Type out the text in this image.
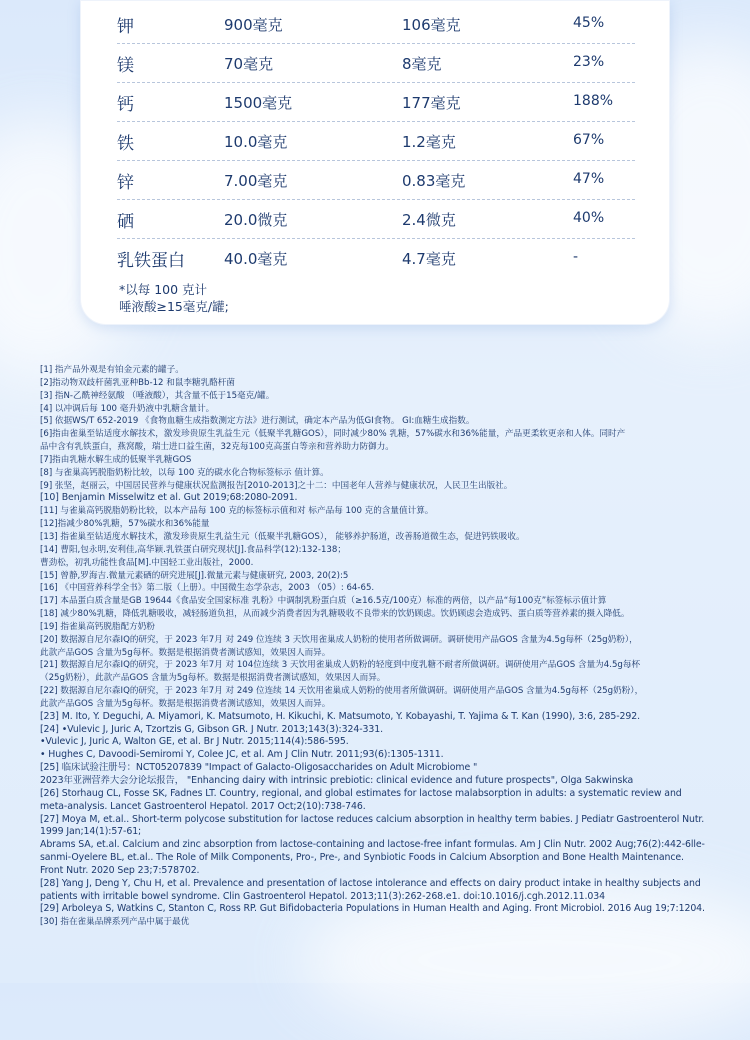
钾	900毫克	106毫克	45%
镁	70毫克	8毫克	23%
钙	1500毫克	177毫克	188%
铁	10.0毫克	1.2毫克	67%
锌	7.00毫克	0.83毫克	47%
硒	20.0微克	2.4微克	40%
乳铁蛋白	40.0毫克	4.7毫克	-
*以每 100 克计
唾液酸≥15毫克/罐;
[1] 指产品外观是有铂金元素的罐子。
[2]指动物双歧杆菌乳亚种Bb-12 和鼠李糖乳酪杆菌
[3] 指N-乙酰神经氨酸 （唾液酸），其含量不低于15毫克/罐。
[4] 以冲调后每 100 毫升奶液中乳糖含量计。
[5] 依据WS/T 652-2019 《食物血糖生成指数测定方法》进行测试，确定本产品为低GI食物。 GI:血糖生成指数。
[6]指由雀巢至钻适度水解技术，激发珍贵原生乳益生元（低聚半乳糖GOS），同时减少80% 乳糖，57%碳水和36%能量，产品更柔软更亲和人体。同时产
品中含有乳铁蛋白，燕窝酸，瑞士进口益生菌，32克每100克高蛋白等亲和营养助力防御力。
[7]指由乳糖水解生成的低聚半乳糖GOS
[8] 与雀巢高钙脱脂奶粉比较，以每 100 克的碳水化合物标签标示 值计算。
[9] 张坚，赵丽云，中国居民营养与健康状况监测报告[2010-2013]之十二：中国老年人营养与健康状况，人民卫生出版社。
[10] Benjamin Misselwitz et al. Gut 2019;68:2080-2091.
[11] 与雀巢高钙脱脂奶粉比较，以本产品每 100 克的标签标示值和对 标产品每 100 克的含量值计算。
[12]指减少80%乳糖，57%碳水和36%能量
[13] 指雀巢至钻适度水解技术，激发珍贵原生乳益生元（低聚半乳糖GOS）， 能够养护肠道，改善肠道微生态，促进钙铁吸收。
[14] 曹阳,包永明,安利佳,高华颖.乳铁蛋白研究现状[J].食品科学(12):132-138；
曹劲松，初乳功能性食品[M].中国轻工业出版社，2000.
[15] 曾静,罗海吉.微量元素硒的研究进展[J].微量元素与健康研究, 2003, 20(2):5
[16] 《中国营养科学全书》第二版（上册）。中国微生态学杂志，2003 （05）: 64-65.
[17] 本品蛋白质含量是GB 19644《食品安全国家标准 乳粉》中调制乳粉蛋白质（≥16.5克/100克）标准的两倍，以产品“每100克”标签标示值计算
[18] 减少80%乳糖，降低乳糖吸收，减轻肠道负担，从而减少消费者因为乳糖吸收不良带来的饮奶顾虑。饮奶顾虑会造成钙、蛋白质等营养素的摄入降低。
[19] 指雀巢高钙脱脂配方奶粉
[20] 数据源自尼尔森IQ的研究，于 2023 年7月 对 249 位连续 3 天饮用雀巢成人奶粉的使用者所做调研。调研使用产品GOS 含量为4.5g每杯（25g奶粉），
此款产品GOS 含量为5g每杯。数据是根据消费者测试感知，效果因人而异。
[21] 数据源自尼尔森IQ的研究，于 2023 年7月 对 104位连续 3 天饮用雀巢成人奶粉的轻度到中度乳糖不耐者所做调研。调研使用产品GOS 含量为4.5g每杯
（25g奶粉），此款产品GOS 含量为5g每杯。数据是根据消费者测试感知，效果因人而异。
[22] 数据源自尼尔森IQ的研究，于 2023 年7月 对 249 位连续 14 天饮用雀巢成人奶粉的使用者所做调研。调研使用产品GOS 含量为4.5g每杯（25g奶粉），
此款产品GOS 含量为5g每杯。数据是根据消费者测试感知，效果因人而异。
[23] M. Ito, Y. Deguchi, A. Miyamori, K. Matsumoto, H. Kikuchi, K. Matsumoto, Y. Kobayashi, T. Yajima & T. Kan (1990), 3:6, 285-292.
[24] •Vulevic J, Juric A, Tzortzis G, Gibson GR. J Nutr. 2013;143(3):324-331.
•Vulevic J, Juric A, Walton GE, et al. Br J Nutr. 2015;114(4):586-595.
• Hughes C, Davoodi-Semiromi Y, Colee JC, et al. Am J Clin Nutr. 2011;93(6):1305-1311.
[25] 临床试验注册号：NCT05207839 "Impact of Galacto-Oligosaccharides on Adult Microbiome "
2023年亚洲营养大会分论坛报告， "Enhancing dairy with intrinsic prebiotic: clinical evidence and future prospects", Olga Sakwinska
[26] Storhaug CL, Fosse SK, Fadnes LT. Country, regional, and global estimates for lactose malabsorption in adults: a systematic review and
meta-analysis. Lancet Gastroenterol Hepatol. 2017 Oct;2(10):738-746.
[27] Moya M, et.al.. Short-term polycose substitution for lactose reduces calcium absorption in healthy term babies. J Pediatr Gastroenterol Nutr.
1999 Jan;14(1):57-61;
Abrams SA, et.al. Calcium and zinc absorption from lactose-containing and lactose-free infant formulas. Am J Clin Nutr. 2002 Aug;76(2):442-6lle-
sanmi-Oyelere BL, et.al.. The Role of Milk Components, Pro-, Pre-, and Synbiotic Foods in Calcium Absorption and Bone Health Maintenance.
Front Nutr. 2020 Sep 23;7:578702.
[28] Yang J, Deng Y, Chu H, et al. Prevalence and presentation of lactose intolerance and effects on dairy product intake in healthy subjects and
patients with irritable bowel syndrome. Clin Gastroenterol Hepatol. 2013;11(3):262-268.e1. doi:10.1016/j.cgh.2012.11.034
[29] Arboleya S, Watkins C, Stanton C, Ross RP. Gut Bifidobacteria Populations in Human Health and Aging. Front Microbiol. 2016 Aug 19;7:1204.
[30] 指在雀巢品牌系列产品中属于最优
